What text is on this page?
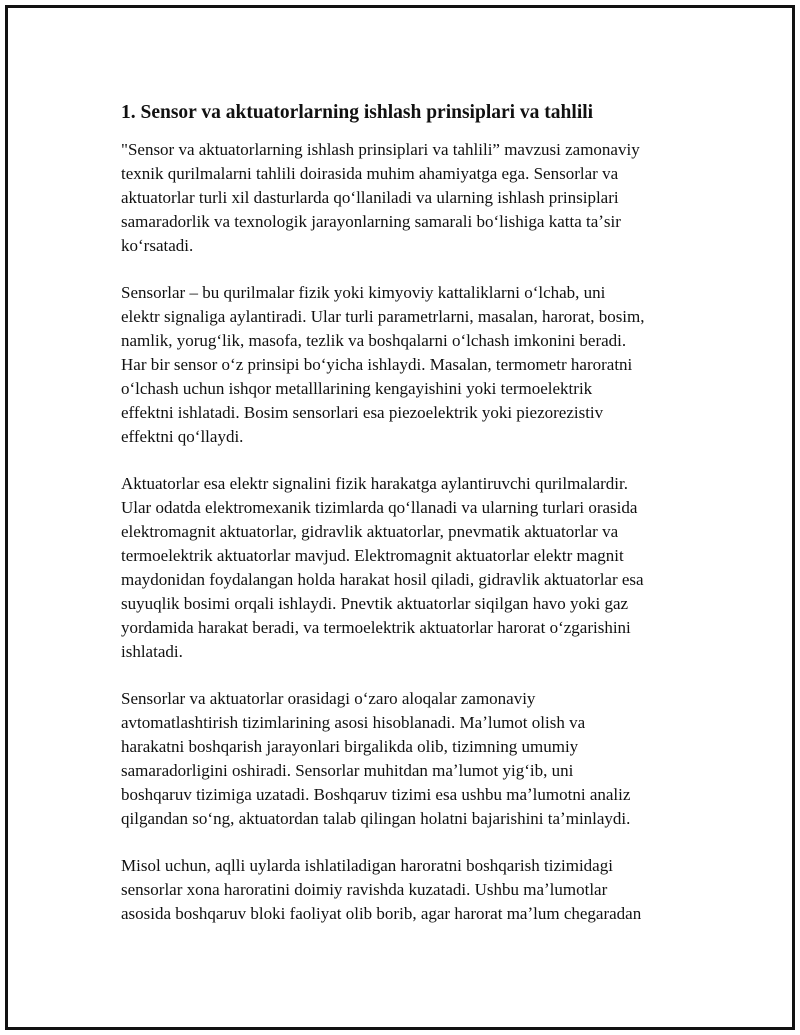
1. Sensor va aktuatorlarning ishlash prinsiplari va tahlili

"Sensor va aktuatorlarning ishlash prinsiplari va tahlili” mavzusi zamonaviy
texnik qurilmalarni tahlili doirasida muhim ahamiyatga ega. Sensorlar va
aktuatorlar turli xil dasturlarda qoʻllaniladi va ularning ishlash prinsiplari
samaradorlik va texnologik jarayonlarning samarali boʻlishiga katta taʼsir
koʻrsatadi.

Sensorlar – bu qurilmalar fizik yoki kimyoviy kattaliklarni oʻlchab, uni
elektr signaliga aylantiradi. Ular turli parametrlarni, masalan, harorat, bosim,
namlik, yorugʻlik, masofa, tezlik va boshqalarni oʻlchash imkonini beradi.
Har bir sensor oʻz prinsipi boʻyicha ishlaydi. Masalan, termometr haroratni
oʻlchash uchun ishqor metalllarining kengayishini yoki termoelektrik
effektni ishlatadi. Bosim sensorlari esa piezoelektrik yoki piezorezistiv
effektni qoʻllaydi.

Aktuatorlar esa elektr signalini fizik harakatga aylantiruvchi qurilmalardir.
Ular odatda elektromexanik tizimlarda qoʻllanadi va ularning turlari orasida
elektromagnit aktuatorlar, gidravlik aktuatorlar, pnevmatik aktuatorlar va
termoelektrik aktuatorlar mavjud. Elektromagnit aktuatorlar elektr magnit
maydonidan foydalangan holda harakat hosil qiladi, gidravlik aktuatorlar esa
suyuqlik bosimi orqali ishlaydi. Pnevtik aktuatorlar siqilgan havo yoki gaz
yordamida harakat beradi, va termoelektrik aktuatorlar harorat oʻzgarishini
ishlatadi.

Sensorlar va aktuatorlar orasidagi oʻzaro aloqalar zamonaviy
avtomatlashtirish tizimlarining asosi hisoblanadi. Maʼlumot olish va
harakatni boshqarish jarayonlari birgalikda olib, tizimning umumiy
samaradorligini oshiradi. Sensorlar muhitdan maʼlumot yigʻib, uni
boshqaruv tizimiga uzatadi. Boshqaruv tizimi esa ushbu maʼlumotni analiz
qilgandan soʻng, aktuatordan talab qilingan holatni bajarishini taʼminlaydi.

Misol uchun, aqlli uylarda ishlatiladigan haroratni boshqarish tizimidagi
sensorlar xona haroratini doimiy ravishda kuzatadi. Ushbu maʼlumotlar
asosida boshqaruv bloki faoliyat olib borib, agar harorat maʼlum chegaradan
